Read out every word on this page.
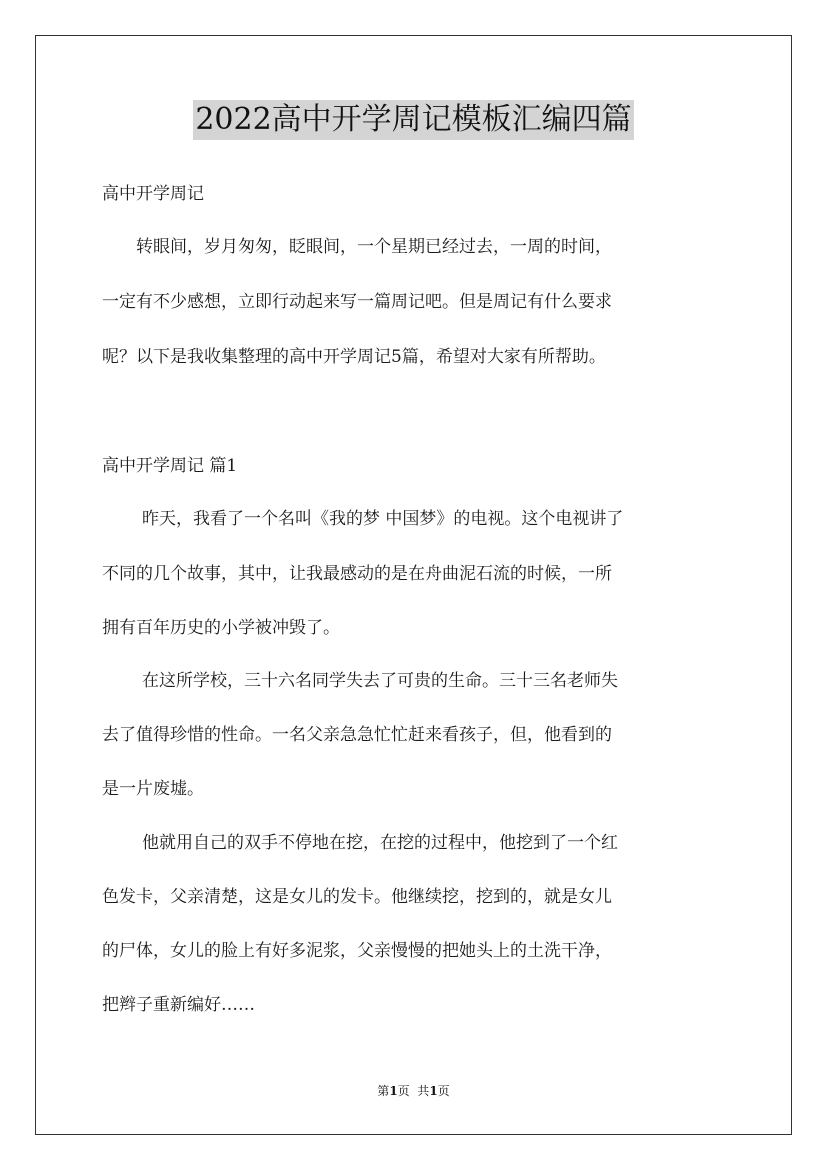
2022高中开学周记模板汇编四篇

高中开学周记

转眼间，岁月匆匆，眨眼间，一个星期已经过去，一周的时间，

一定有不少感想，立即行动起来写一篇周记吧。但是周记有什么要求

呢？以下是我收集整理的高中开学周记5篇，希望对大家有所帮助。

高中开学周记 篇1

昨天，我看了一个名叫《我的梦 中国梦》的电视。这个电视讲了

不同的几个故事，其中，让我最感动的是在舟曲泥石流的时候，一所

拥有百年历史的小学被冲毁了。

在这所学校，三十六名同学失去了可贵的生命。三十三名老师失

去了值得珍惜的性命。一名父亲急急忙忙赶来看孩子，但，他看到的

是一片废墟。

他就用自己的双手不停地在挖，在挖的过程中，他挖到了一个红

色发卡，父亲清楚，这是女儿的发卡。他继续挖，挖到的，就是女儿

的尸体，女儿的脸上有好多泥浆，父亲慢慢的把她头上的土洗干净，

把辫子重新编好……

第1页  共1页
